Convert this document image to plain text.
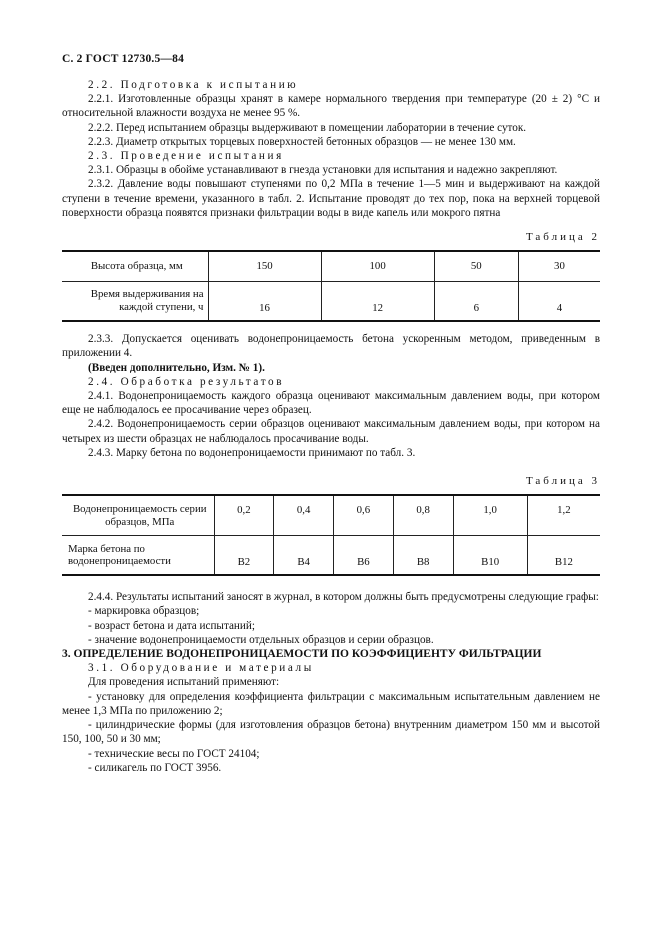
С. 2 ГОСТ 12730.5—84

2.2. Подготовка к испытанию

2.2.1. Изготовленные образцы хранят в камере нормального твердения при температуре (20 ± 2) °С и относительной влажности воздуха не менее 95 %.

2.2.2. Перед испытанием образцы выдерживают в помещении лаборатории в течение суток.

2.2.3. Диаметр открытых торцевых поверхностей бетонных образцов — не менее 130 мм.

2.3. Проведение испытания

2.3.1. Образцы в обойме устанавливают в гнезда установки для испытания и надежно закрепляют.

2.3.2. Давление воды повышают ступенями по 0,2 МПа в течение 1—5 мин и выдерживают на каждой ступени в течение времени, указанного в табл. 2. Испытание проводят до тех пор, пока на верхней торцевой поверхности образца появятся признаки фильтрации воды в виде капель или мокрого пятна

Таблица 2
Высота образца, мм	150	100	50	30
Время выдерживания на каждой ступени, ч	16	12	6	4

2.3.3. Допускается оценивать водонепроницаемость бетона ускоренным методом, приведенным в приложении 4.

(Введен дополнительно, Изм. № 1).

2.4. Обработка результатов

2.4.1. Водонепроницаемость каждого образца оценивают максимальным давлением воды, при котором еще не наблюдалось ее просачивание через образец.

2.4.2. Водонепроницаемость серии образцов оценивают максимальным давлением воды, при котором на четырех из шести образцах не наблюдалось просачивание воды.

2.4.3. Марку бетона по водонепроницаемости принимают по табл. 3.

Таблица 3
Водонепроницаемость серии образцов, МПа	0,2	0,4	0,6	0,8	1,0	1,2
Марка бетона по водонепроницаемости	В2	В4	В6	В8	В10	В12

2.4.4. Результаты испытаний заносят в журнал, в котором должны быть предусмотрены следующие графы:

- маркировка образцов;

- возраст бетона и дата испытаний;

- значение водонепроницаемости отдельных образцов и серии образцов.

3. ОПРЕДЕЛЕНИЕ ВОДОНЕПРОНИЦАЕМОСТИ ПО КОЭФФИЦИЕНТУ ФИЛЬТРАЦИИ

3.1. Оборудование и материалы

Для проведения испытаний применяют:

- установку для определения коэффициента фильтрации с максимальным испытательным давлением не менее 1,3 МПа по приложению 2;

- цилиндрические формы (для изготовления образцов бетона) внутренним диаметром 150 мм и высотой 150, 100, 50 и 30 мм;

- технические весы по ГОСТ 24104;

- силикагель по ГОСТ 3956.
